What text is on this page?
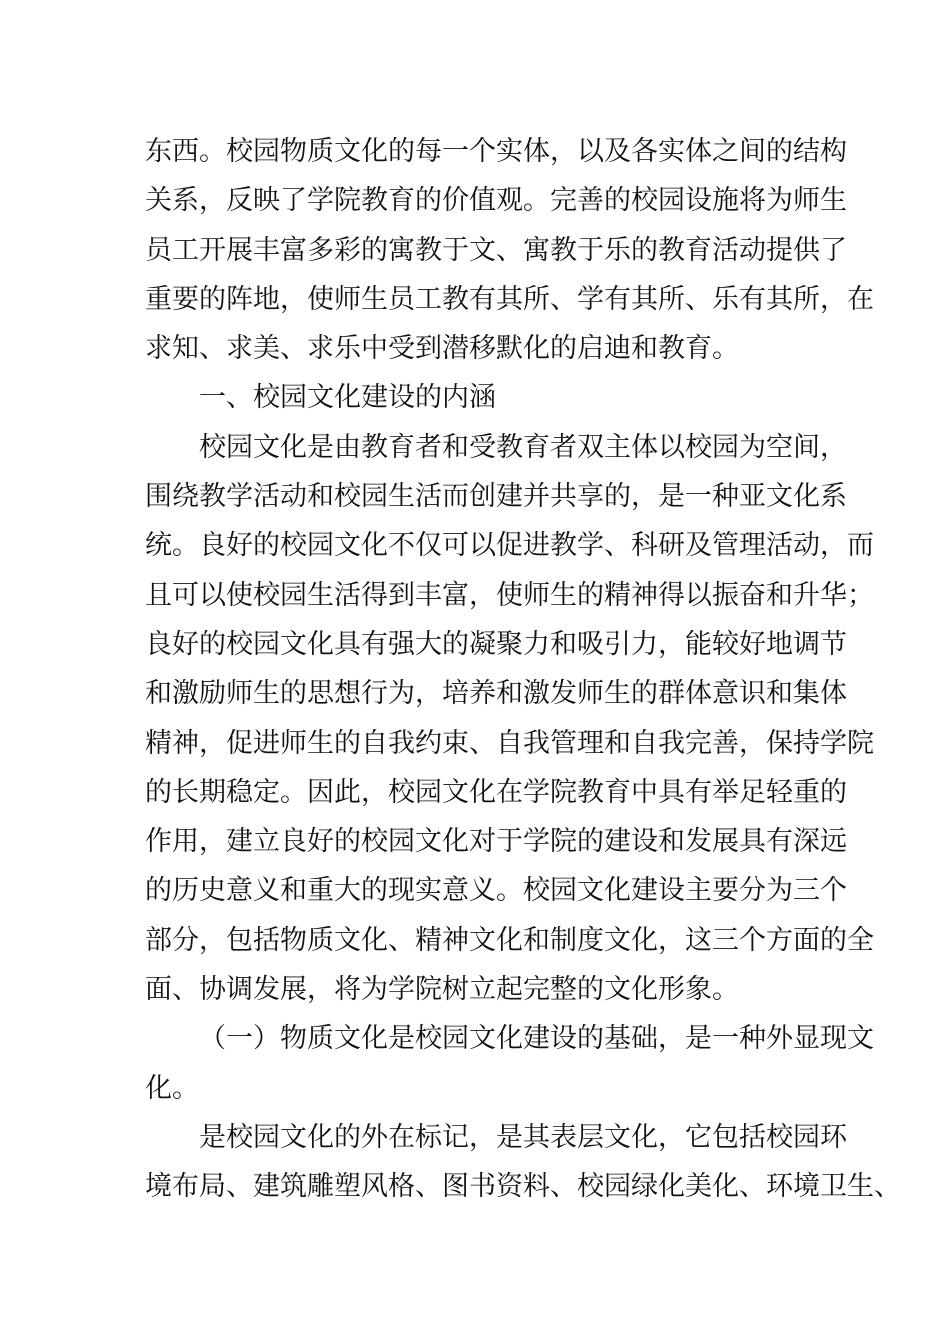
东西。校园物质文化的每一个实体，以及各实体之间的结构
关系，反映了学院教育的价值观。完善的校园设施将为师生
员工开展丰富多彩的寓教于文、寓教于乐的教育活动提供了
重要的阵地，使师生员工教有其所、学有其所、乐有其所，在
求知、求美、求乐中受到潜移默化的启迪和教育。
一、校园文化建设的内涵
校园文化是由教育者和受教育者双主体以校园为空间，
围绕教学活动和校园生活而创建并共享的，是一种亚文化系
统。良好的校园文化不仅可以促进教学、科研及管理活动，而
且可以使校园生活得到丰富，使师生的精神得以振奋和升华；
良好的校园文化具有强大的凝聚力和吸引力，能较好地调节
和激励师生的思想行为，培养和激发师生的群体意识和集体
精神，促进师生的自我约束、自我管理和自我完善，保持学院
的长期稳定。因此，校园文化在学院教育中具有举足轻重的
作用，建立良好的校园文化对于学院的建设和发展具有深远
的历史意义和重大的现实意义。校园文化建设主要分为三个
部分，包括物质文化、精神文化和制度文化，这三个方面的全
面、协调发展，将为学院树立起完整的文化形象。
（一）物质文化是校园文化建设的基础，是一种外显现文
化。
是校园文化的外在标记，是其表层文化，它包括校园环
境布局、建筑雕塑风格、图书资料、校园绿化美化、环境卫生、
